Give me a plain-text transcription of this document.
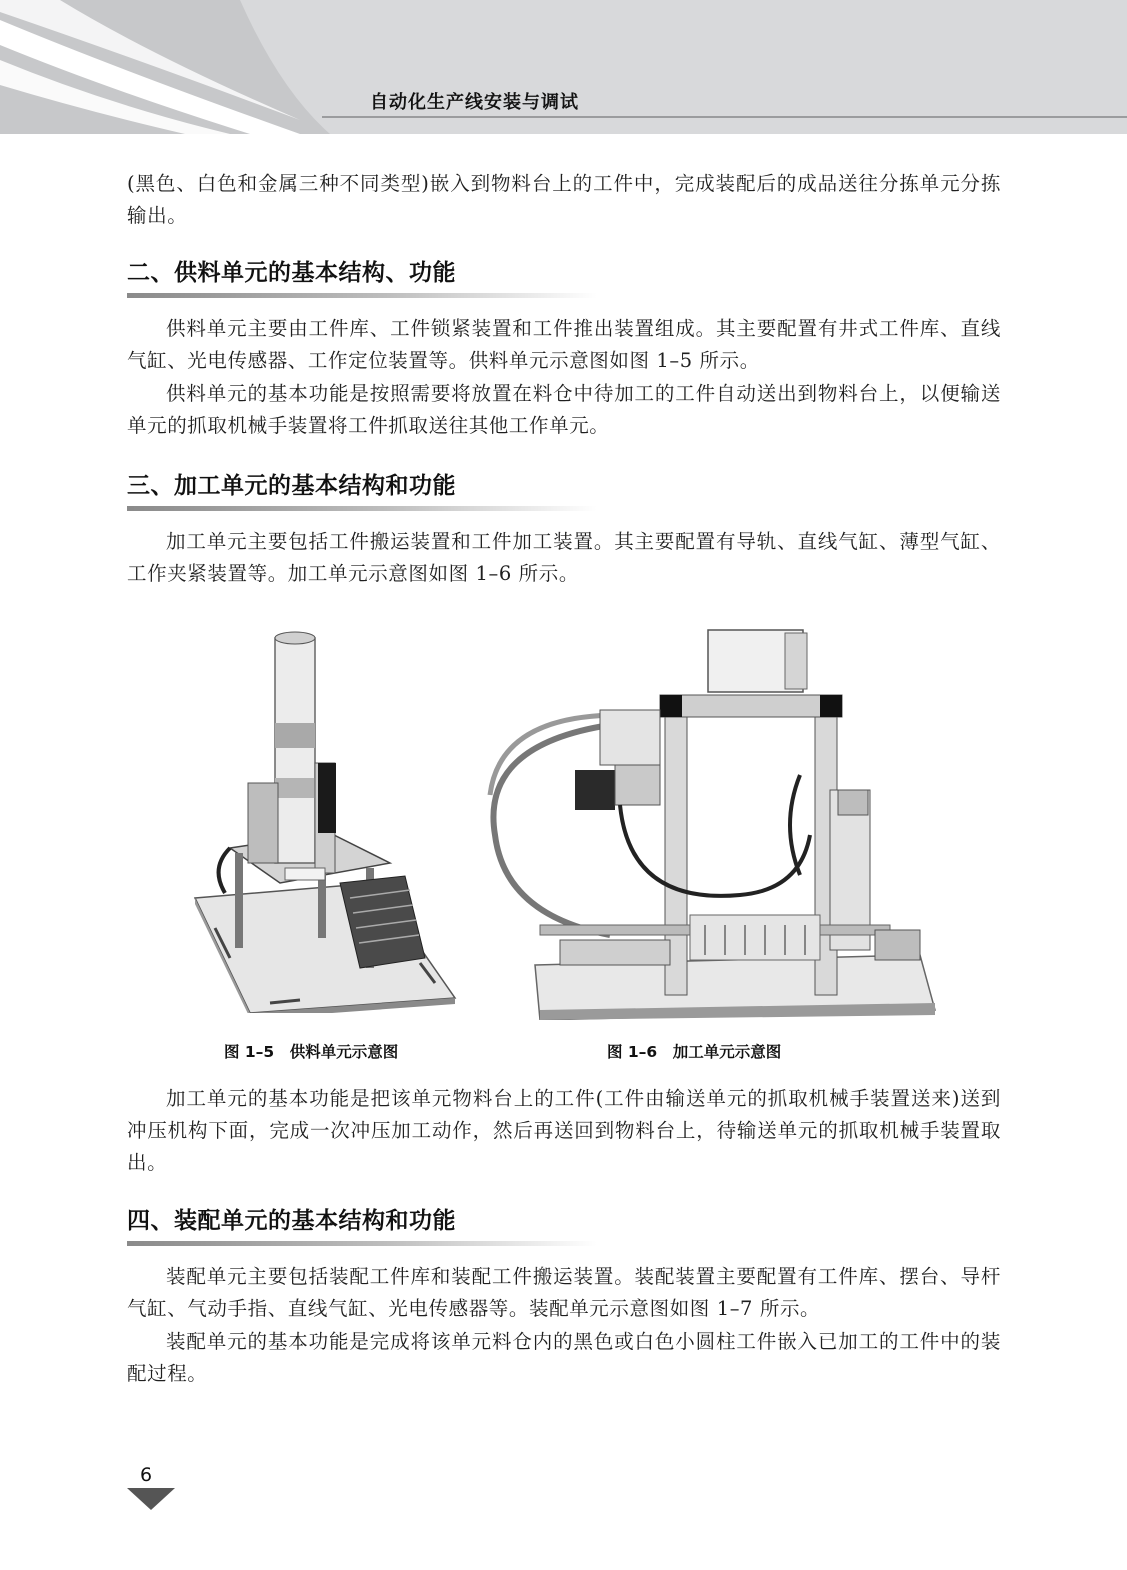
自动化生产线安装与调试

(黑色、白色和金属三种不同类型)嵌入到物料台上的工件中，完成装配后的成品送往分拣单元分拣输出。

二、供料单元的基本结构、功能

供料单元主要由工件库、工件锁紧装置和工件推出装置组成。其主要配置有井式工件库、直线气缸、光电传感器、工作定位装置等。供料单元示意图如图 1–5 所示。

供料单元的基本功能是按照需要将放置在料仓中待加工的工件自动送出到物料台上，以便输送单元的抓取机械手装置将工件抓取送往其他工作单元。

三、加工单元的基本结构和功能

加工单元主要包括工件搬运装置和工件加工装置。其主要配置有导轨、直线气缸、薄型气缸、工作夹紧装置等。加工单元示意图如图 1–6 所示。

图 1–5　供料单元示意图	图 1–6　加工单元示意图

加工单元的基本功能是把该单元物料台上的工件(工件由输送单元的抓取机械手装置送来)送到冲压机构下面，完成一次冲压加工动作，然后再送回到物料台上，待输送单元的抓取机械手装置取出。

四、装配单元的基本结构和功能

装配单元主要包括装配工件库和装配工件搬运装置。装配装置主要配置有工件库、摆台、导杆气缸、气动手指、直线气缸、光电传感器等。装配单元示意图如图 1–7 所示。

装配单元的基本功能是完成将该单元料仓内的黑色或白色小圆柱工件嵌入已加工的工件中的装配过程。

6
